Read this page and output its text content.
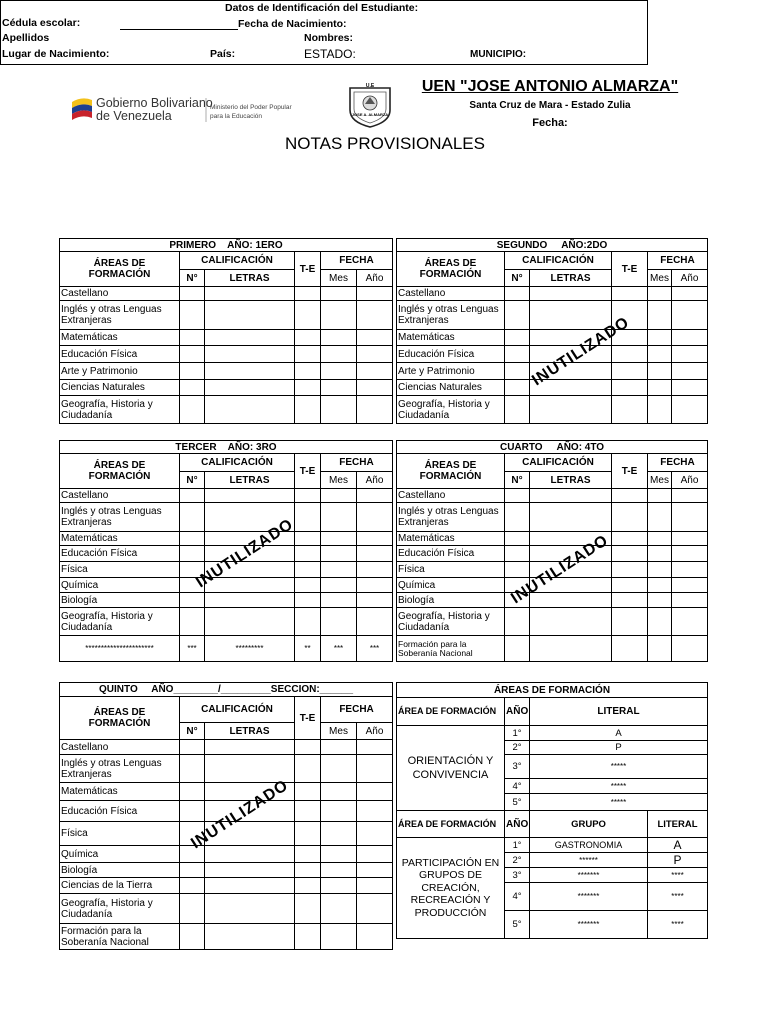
Gobierno Bolivariano
de Venezuela
Ministerio del Poder Popular
para la Educación
U.E
JOSE A. ALMARZA
UEN "JOSE ANTONIO ALMARZA"
Santa Cruz de Mara - Estado Zulia
Fecha:
NOTAS PROVISIONALES
Datos de Identificación del Estudiante:
Cédula escolar:	Fecha de Nacimiento:
Apellidos	Nombres:
Lugar de Nacimiento:	País:	ESTADO:	MUNICIPIO:
PRIMERO AÑO: 1ERO					
ÁREAS DE
FORMACIÓN	CALIFICACIÓN		T-E	FECHA	
	N°	LETRAS		Mes	Año
Castellano					
Inglés y otras Lenguas Extranjeras					
Matemáticas					
Educación Física					
Arte y Patrimonio					
Ciencias Naturales					
Geografía, Historia y Ciudadanía					
SEGUNDO AÑO:2DO					
ÁREAS DE
FORMACIÓN	CALIFICACIÓN		T-E	FECHA	
	N°	LETRAS		Mes	Año
Castellano					
Inglés y otras Lenguas Extranjeras					
Matemáticas					
Educación Física					
Arte y Patrimonio					
Ciencias Naturales					
Geografía, Historia y Ciudadanía					
TERCER AÑO: 3RO					
ÁREAS DE
FORMACIÓN	CALIFICACIÓN		T-E	FECHA	
	N°	LETRAS		Mes	Año
Castellano					
Inglés y otras Lenguas Extranjeras					
Matemáticas					
Educación Física					
Física					
Química					
Biología					
Geografía, Historia y Ciudadanía					
**********************	***	*********	**	***	***
CUARTO AÑO: 4TO					
ÁREAS DE
FORMACIÓN	CALIFICACIÓN		T-E	FECHA	
	N°	LETRAS		Mes	Año
Castellano					
Inglés y otras Lenguas Extranjeras					
Matemáticas					
Educación Física					
Física					
Química					
Biología					
Geografía, Historia y Ciudadanía					
Formación para la Soberanía Nacional					
QUINTO     AÑO________/_________SECCION:______					
ÁREAS DE
FORMACIÓN	CALIFICACIÓN		T-E	FECHA	
	N°	LETRAS		Mes	Año
Castellano					
Inglés y otras Lenguas Extranjeras					
Matemáticas					
Educación Física					
Física					
Química					
Biología					
Ciencias de la Tierra					
Geografía, Historia y Ciudadanía					
Formación para la Soberanía Nacional					
ÁREAS DE FORMACIÓN			
ÁREA DE FORMACIÓN	AÑO	LITERAL	
ORIENTACIÓN Y CONVIVENCIA	1°	A	
	2°	P	
	3°	*****	
	4°	*****	
	5°	*****	
ÁREA DE FORMACIÓN	AÑO	GRUPO	LITERAL
PARTICIPACIÓN EN GRUPOS DE CREACIÓN, RECREACIÓN Y PRODUCCIÓN	1°	GASTRONOMIA	A
	2°	******	P
	3°	*******	****
	4°	*******	****
	5°	*******	****
INUTILIZADO
INUTILIZADO	INUTILIZADO
INUTILIZADO
